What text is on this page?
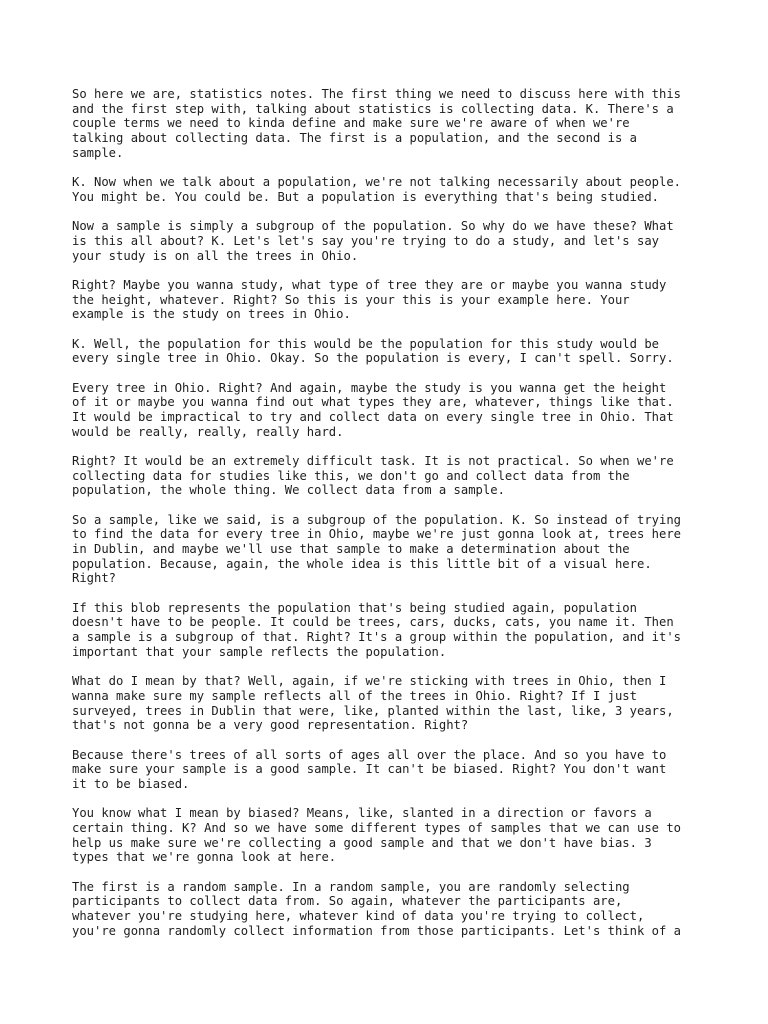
So here we are, statistics notes. The first thing we need to discuss here with this
and the first step with, talking about statistics is collecting data. K. There's a
couple terms we need to kinda define and make sure we're aware of when we're
talking about collecting data. The first is a population, and the second is a
sample.

K. Now when we talk about a population, we're not talking necessarily about people.
You might be. You could be. But a population is everything that's being studied.

Now a sample is simply a subgroup of the population. So why do we have these? What
is this all about? K. Let's let's say you're trying to do a study, and let's say
your study is on all the trees in Ohio.

Right? Maybe you wanna study, what type of tree they are or maybe you wanna study
the height, whatever. Right? So this is your this is your example here. Your
example is the study on trees in Ohio.

K. Well, the population for this would be the population for this study would be
every single tree in Ohio. Okay. So the population is every, I can't spell. Sorry.

Every tree in Ohio. Right? And again, maybe the study is you wanna get the height
of it or maybe you wanna find out what types they are, whatever, things like that.
It would be impractical to try and collect data on every single tree in Ohio. That
would be really, really, really hard.

Right? It would be an extremely difficult task. It is not practical. So when we're
collecting data for studies like this, we don't go and collect data from the
population, the whole thing. We collect data from a sample.

So a sample, like we said, is a subgroup of the population. K. So instead of trying
to find the data for every tree in Ohio, maybe we're just gonna look at, trees here
in Dublin, and maybe we'll use that sample to make a determination about the
population. Because, again, the whole idea is this little bit of a visual here.
Right?

If this blob represents the population that's being studied again, population
doesn't have to be people. It could be trees, cars, ducks, cats, you name it. Then
a sample is a subgroup of that. Right? It's a group within the population, and it's
important that your sample reflects the population.

What do I mean by that? Well, again, if we're sticking with trees in Ohio, then I
wanna make sure my sample reflects all of the trees in Ohio. Right? If I just
surveyed, trees in Dublin that were, like, planted within the last, like, 3 years,
that's not gonna be a very good representation. Right?

Because there's trees of all sorts of ages all over the place. And so you have to
make sure your sample is a good sample. It can't be biased. Right? You don't want
it to be biased.

You know what I mean by biased? Means, like, slanted in a direction or favors a
certain thing. K? And so we have some different types of samples that we can use to
help us make sure we're collecting a good sample and that we don't have bias. 3
types that we're gonna look at here.

The first is a random sample. In a random sample, you are randomly selecting
participants to collect data from. So again, whatever the participants are,
whatever you're studying here, whatever kind of data you're trying to collect,
you're gonna randomly collect information from those participants. Let's think of a
